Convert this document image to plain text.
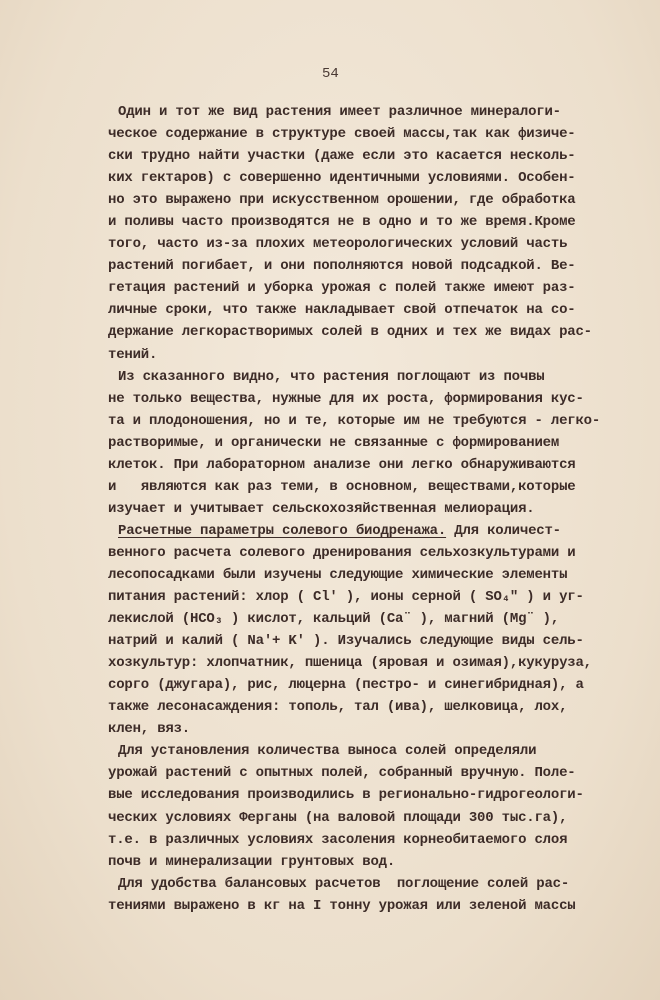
54
Один и тот же вид растения имеет различное минералоги-
ческое содержание в структуре своей массы,так как физиче-
ски трудно найти участки (даже если это касается несколь-
ких гектаров) с совершенно идентичными условиями. Особен-
но это выражено при искусственном орошении, где обработка
и поливы часто производятся не в одно и то же время.Кроме
того, часто из-за плохих метеорологических условий часть
растений погибает, и они пополняются новой подсадкой. Ве-
гетация растений и уборка урожая с полей также имеют раз-
личные сроки, что также накладывает свой отпечаток на со-
держание легкорастворимых солей в одних и тех же видах рас-
тений.
Из сказанного видно, что растения поглощают из почвы
не только вещества, нужные для их роста, формирования кус-
та и плодоношения, но и те, которые им не требуются - легко-
растворимые, и органически не связанные с формированием
клеток. При лабораторном анализе они легко обнаруживаются
и   являются как раз теми, в основном, веществами,которые
изучает и учитывает сельскохозяйственная мелиорация.
Расчетные параметры солевого биодренажа. Для количест-
венного расчета солевого дренирования сельхозкультурами и
лесопосадками были изучены следующие химические элементы
питания растений: хлор ( Cl′ ), ионы серной ( SO₄″ ) и уг-
лекислой (HCO₃ ) кислот, кальций (Ca¨ ), магний (Mg¨ ),
натрий и калий ( Na′+ K′ ). Изучались следующие виды сель-
хозкультур: хлопчатник, пшеница (яровая и озимая),кукуруза,
сорго (джугара), рис, люцерна (пестро- и синегибридная), а
также лесонасаждения: тополь, тал (ива), шелковица, лох,
клен, вяз.
Для установления количества выноса солей определяли
урожай растений с опытных полей, собранный вручную. Поле-
вые исследования производились в регионально-гидрогеологи-
ческих условиях Ферганы (на валовой площади 300 тыс.га),
т.е. в различных условиях засоления корнеобитаемого слоя
почв и минерализации грунтовых вод.
Для удобства балансовых расчетов  поглощение солей рас-
тениями выражено в кг на I тонну урожая или зеленой массы
